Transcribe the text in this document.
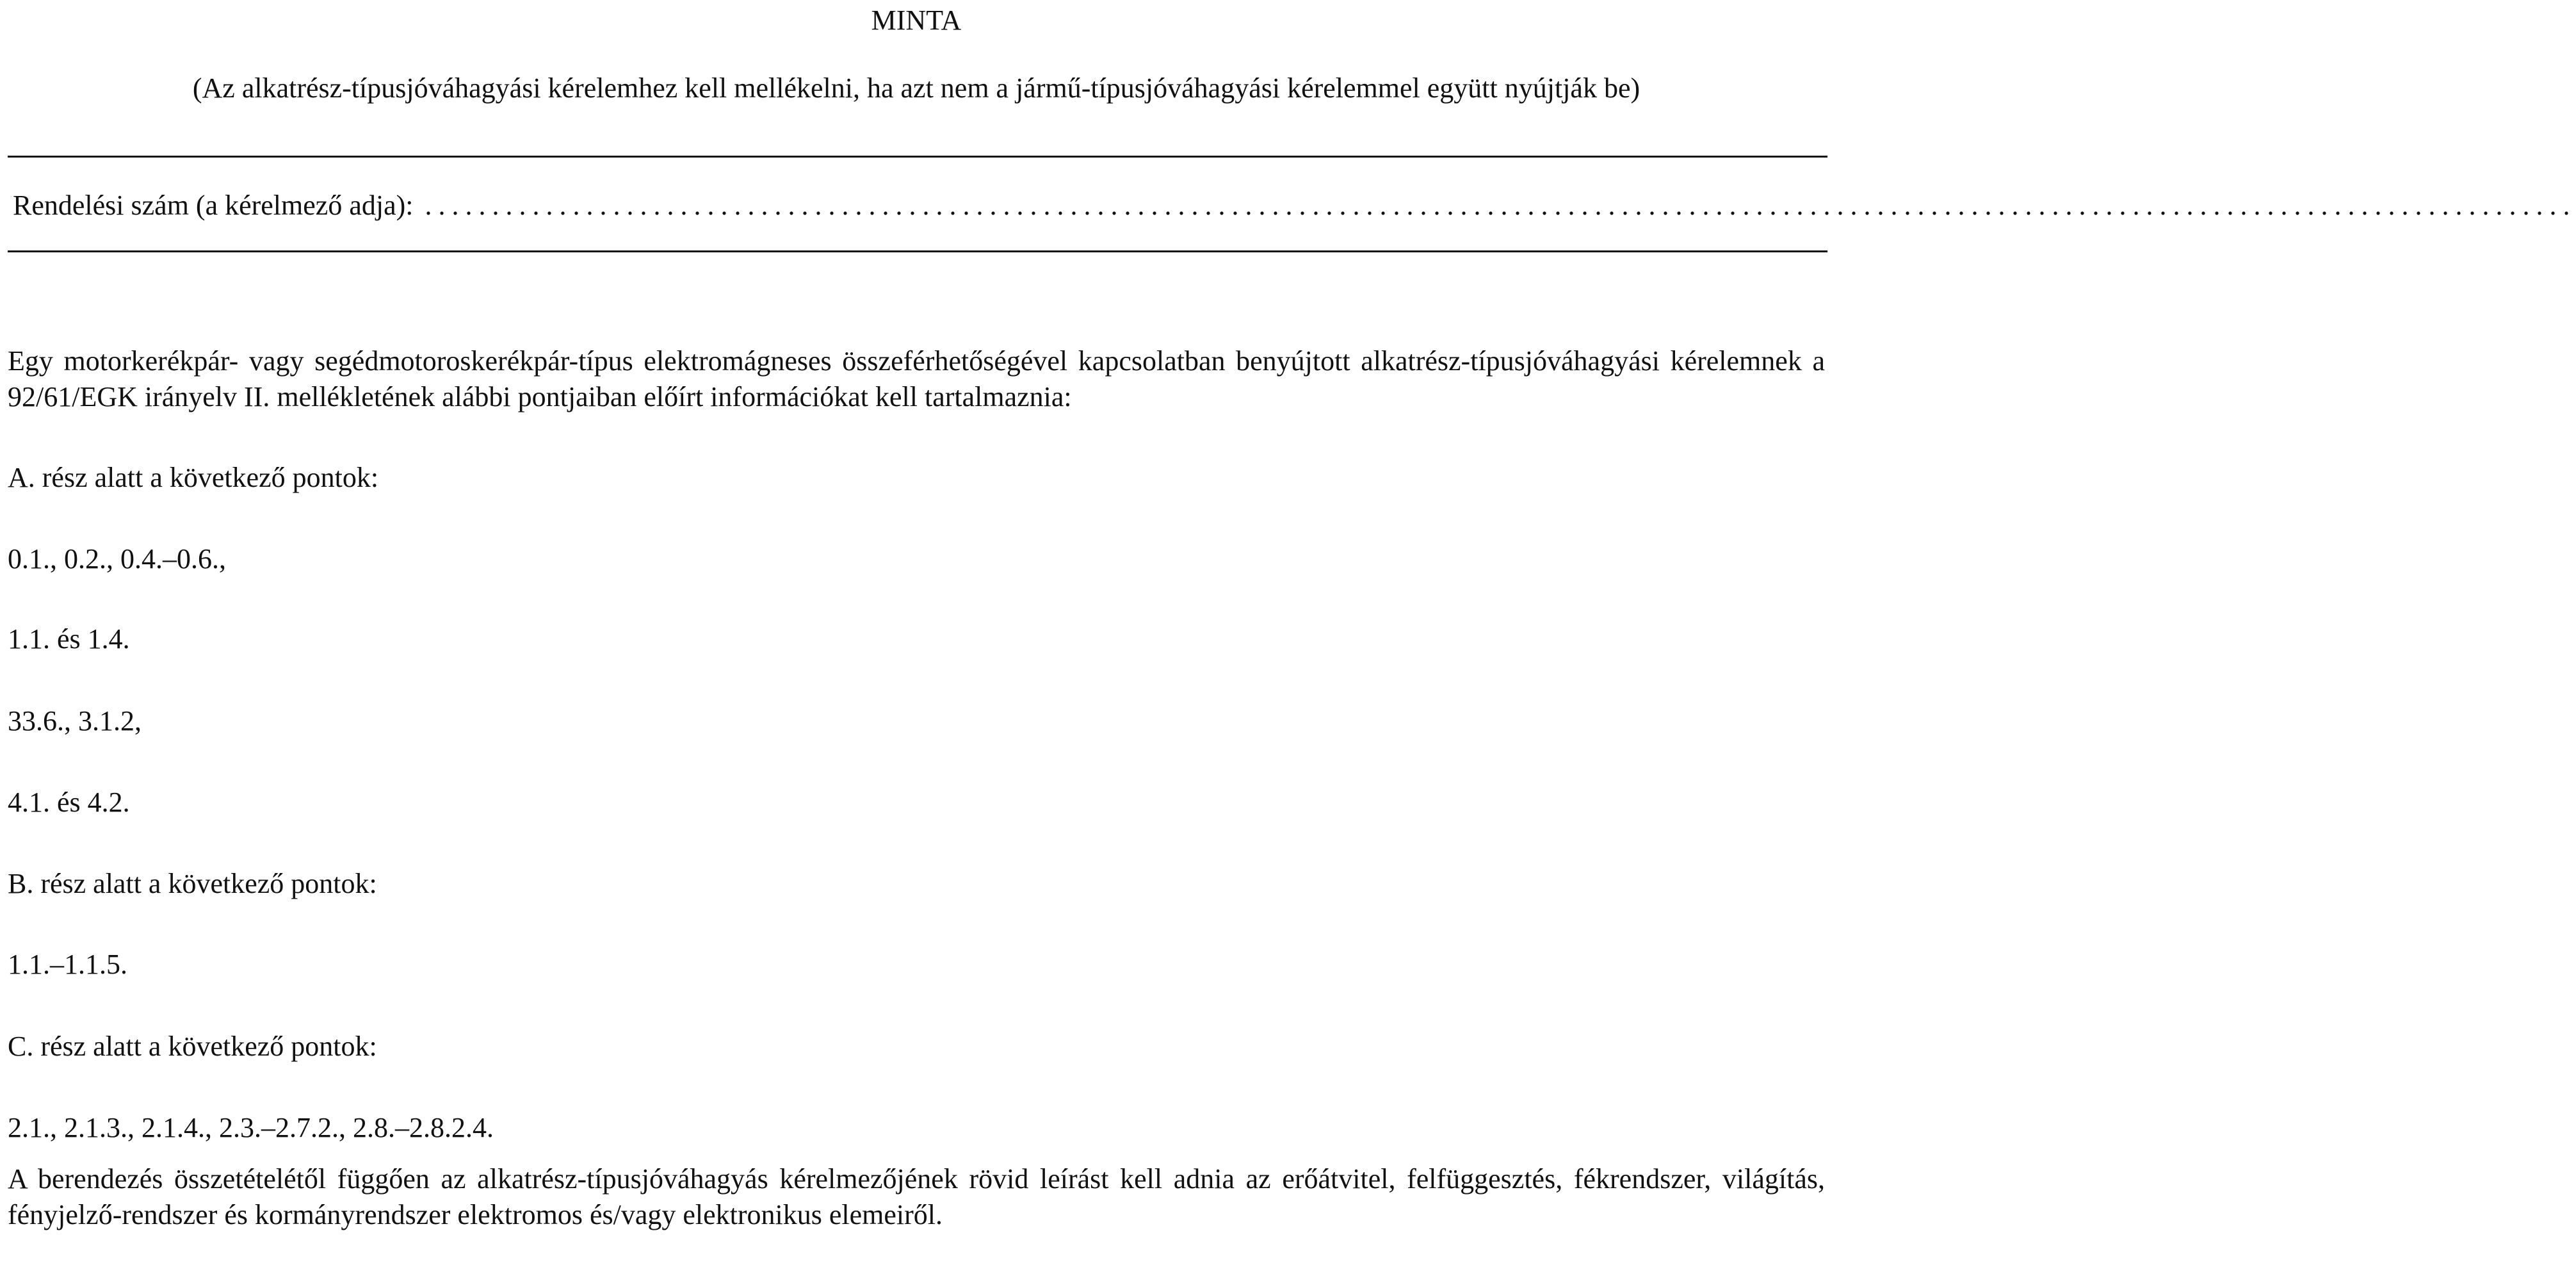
MINTA
(Az alkatrész-típusjóváhagyási kérelemhez kell mellékelni, ha azt nem a jármű-típusjóváhagyási kérelemmel együtt nyújtják be)
Rendelési szám (a kérelmező adja): ................................................................................................................................................................
Egy motorkerékpár- vagy segédmotoroskerékpár-típus elektromágneses összeférhetőségével kapcsolatban benyújtott alkatrész-típusjóváhagyási kérelemnek a 92/61/EGK irányelv II. mellékletének alábbi pontjaiban előírt információkat kell tartalmaznia:
A. rész alatt a következő pontok:
0.1., 0.2., 0.4.–0.6.,
1.1. és 1.4.
33.6., 3.1.2,
4.1. és 4.2.
B. rész alatt a következő pontok:
1.1.–1.1.5.
C. rész alatt a következő pontok:
2.1., 2.1.3., 2.1.4., 2.3.–2.7.2., 2.8.–2.8.2.4.
A berendezés összetételétől függően az alkatrész-típusjóváhagyás kérelmezőjének rövid leírást kell adnia az erőátvitel, felfüggesztés, fékrendszer, világítás, fényjelző-rendszer és kormányrendszer elektromos és/vagy elektronikus elemeiről.
